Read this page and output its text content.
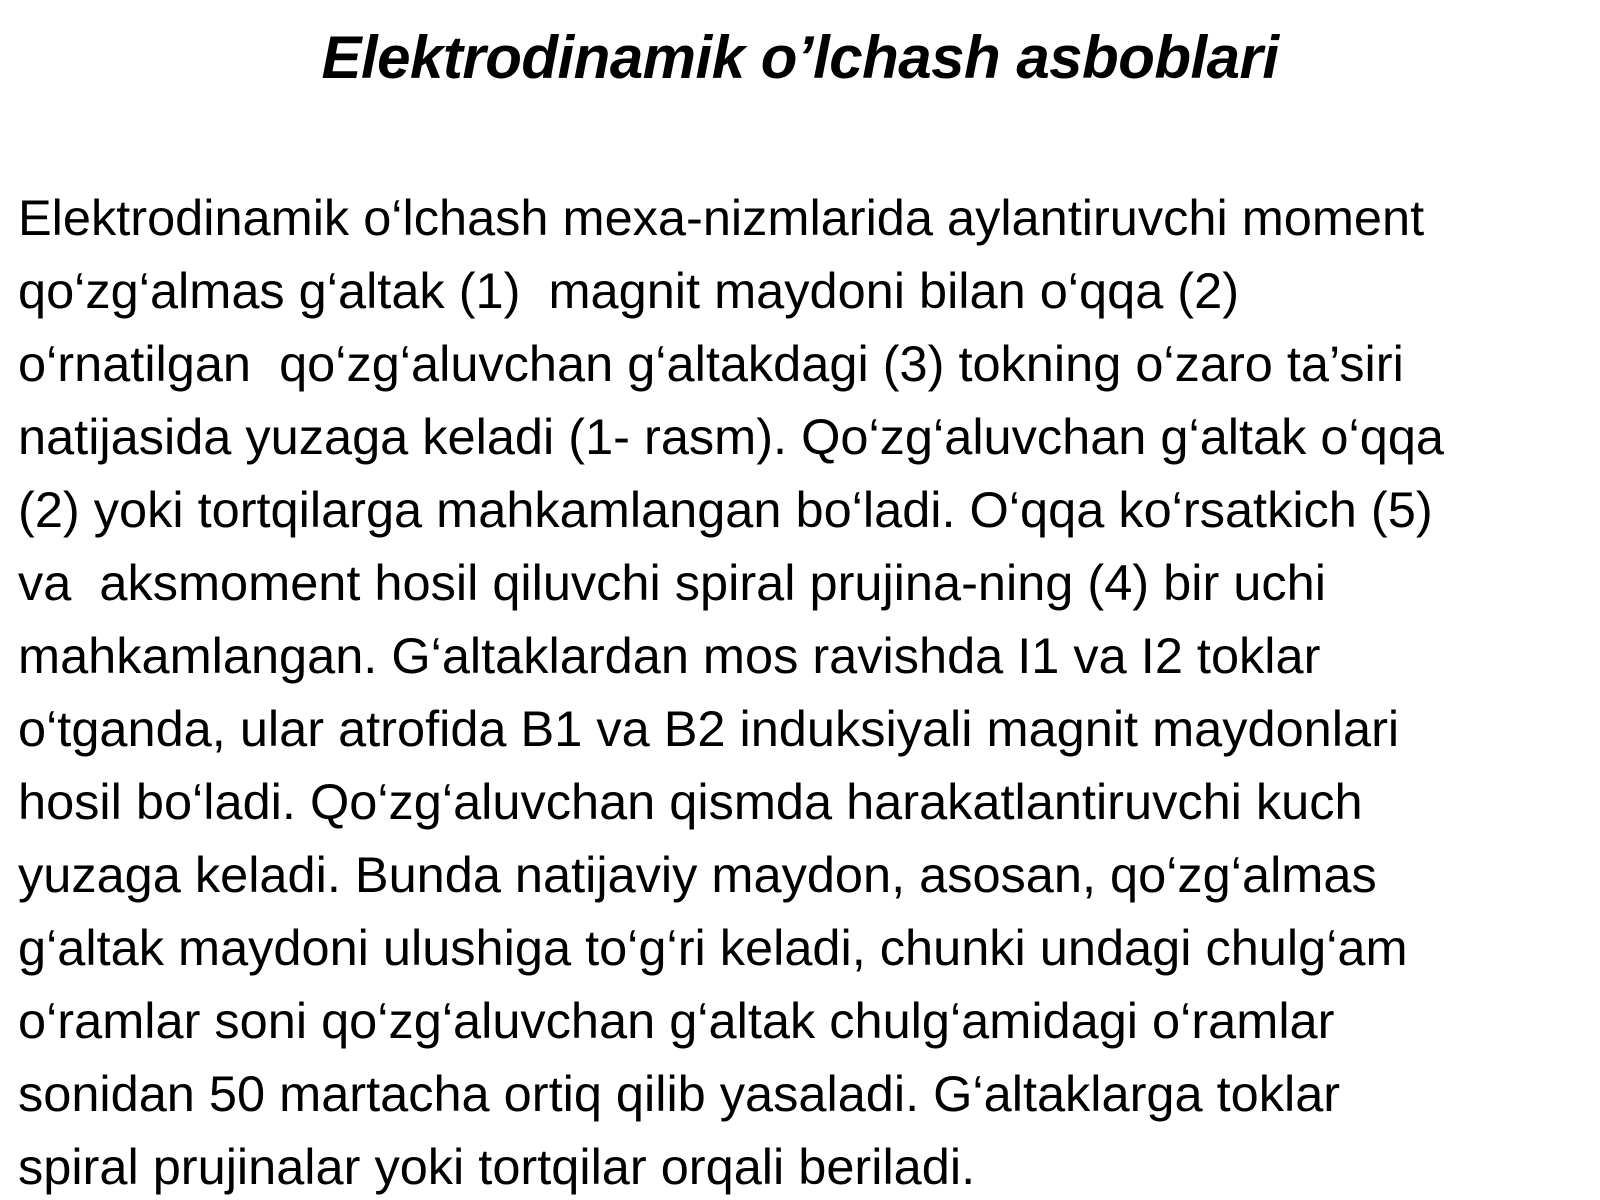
Elektrodinamik o’lchash asboblari

Elektrodinamik o‘lchash mexa-nizmlarida aylantiruvchi moment
qo‘zg‘almas g‘altak (1)  magnit maydoni bilan o‘qqa (2)
o‘rnatilgan  qo‘zg‘aluvchan g‘altakdagi (3) tokning o‘zaro ta’siri
natijasida yuzaga keladi (1- rasm). Qo‘zg‘aluvchan g‘altak o‘qqa
(2) yoki tortqilarga mahkamlangan bo‘ladi. O‘qqa ko‘rsatkich (5)
va  aksmoment hosil qiluvchi spiral prujina-ning (4) bir uchi
mahkamlangan. G‘altaklardan mos ravishda I1 va I2 toklar
o‘tganda, ular atrofida B1 va B2 induksiyali magnit maydonlari
hosil bo‘ladi. Qo‘zg‘aluvchan qismda harakatlantiruvchi kuch
yuzaga keladi. Bunda natijaviy maydon, asosan, qo‘zg‘almas
g‘altak maydoni ulushiga to‘g‘ri keladi, chunki undagi chulg‘am
o‘ramlar soni qo‘zg‘aluvchan g‘altak chulg‘amidagi o‘ramlar
sonidan 50 martacha ortiq qilib yasaladi. G‘altaklarga toklar
spiral prujinalar yoki tortqilar orqali beriladi.
